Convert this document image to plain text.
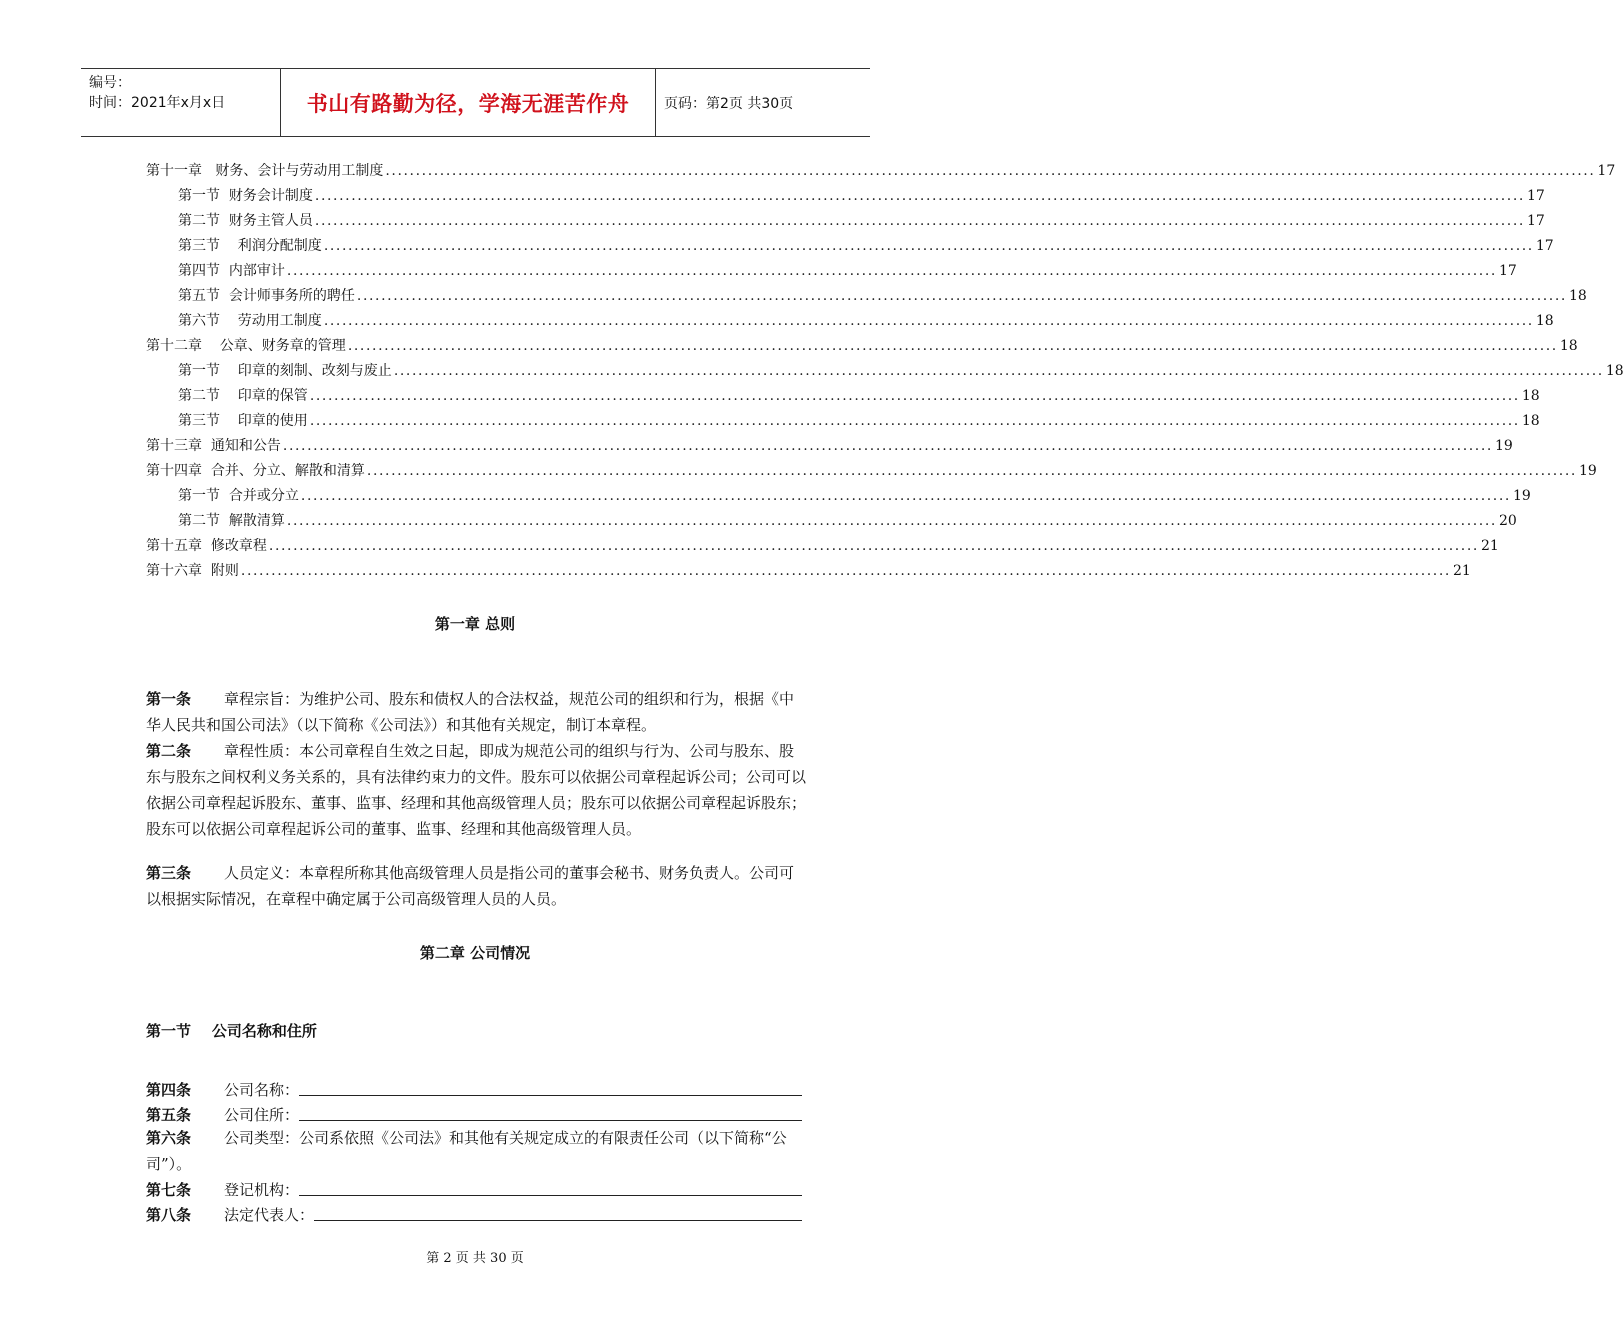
编号：
时间：2021年x月x日	书山有路勤为径，学海无涯苦作舟	页码：第2页 共30页
第十一章   财务、会计与劳动用工制度 ........................................................................................................................................................................................................ 17
第一节  财务会计制度 ........................................................................................................................................................................................................ 17
第二节  财务主管人员 ........................................................................................................................................................................................................ 17
第三节    利润分配制度 ........................................................................................................................................................................................................ 17
第四节  内部审计 ........................................................................................................................................................................................................ 17
第五节  会计师事务所的聘任 ........................................................................................................................................................................................................ 18
第六节    劳动用工制度 ........................................................................................................................................................................................................ 18
第十二章    公章、财务章的管理 ........................................................................................................................................................................................................ 18
第一节    印章的刻制、改刻与废止 ........................................................................................................................................................................................................ 18
第二节    印章的保管 ........................................................................................................................................................................................................ 18
第三节    印章的使用 ........................................................................................................................................................................................................ 18
第十三章  通知和公告 ........................................................................................................................................................................................................ 19
第十四章  合并、分立、解散和清算 ........................................................................................................................................................................................................ 19
第一节  合并或分立 ........................................................................................................................................................................................................ 19
第二节  解散清算 ........................................................................................................................................................................................................ 20
第十五章  修改章程 ........................................................................................................................................................................................................ 21
第十六章  附则 ........................................................................................................................................................................................................ 21
第一章 总则
第一条 章程宗旨：为维护公司、股东和债权人的合法权益，规范公司的组织和行为，根据《中华人民共和国公司法》（以下简称《公司法》）和其他有关规定，制订本章程。
第二条 章程性质：本公司章程自生效之日起，即成为规范公司的组织与行为、公司与股东、股东与股东之间权利义务关系的，具有法律约束力的文件。股东可以依据公司章程起诉公司；公司可以依据公司章程起诉股东、董事、监事、经理和其他高级管理人员；股东可以依据公司章程起诉股东；股东可以依据公司章程起诉公司的董事、监事、经理和其他高级管理人员。
第三条 人员定义：本章程所称其他高级管理人员是指公司的董事会秘书、财务负责人。公司可以根据实际情况，在章程中确定属于公司高级管理人员的人员。
第二章 公司情况
第一节    公司名称和住所
第四条	公司名称：
第五条	公司住所：
第六条 公司类型：公司系依照《公司法》和其他有关规定成立的有限责任公司（以下简称“公司”）。
第七条	登记机构：
第八条	法定代表人：
第 2 页 共 30 页
